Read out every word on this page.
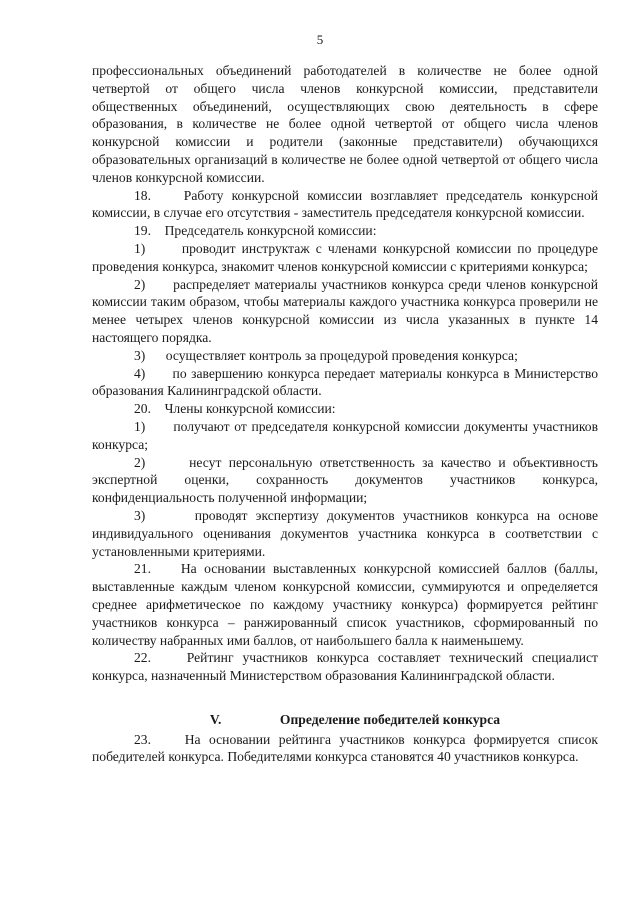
5

профессиональных объединений работодателей в количестве не более одной четвертой от общего числа членов конкурсной комиссии, представители общественных объединений, осуществляющих свою деятельность в сфере образования, в количестве не более одной четвертой от общего числа членов конкурсной комиссии и родители (законные представители) обучающихся образовательных организаций в количестве не более одной четвертой от общего числа членов конкурсной комиссии.

18.    Работу конкурсной комиссии возглавляет председатель конкурсной комиссии, в случае его отсутствия - заместитель председателя конкурсной комиссии.

19.    Председатель конкурсной комиссии:

1)	проводит инструктаж с членами конкурсной комиссии по процедуре проведения конкурса, знакомит членов конкурсной комиссии с критериями конкурса;

2) распределяет материалы участников конкурса среди членов конкурсной комиссии таким образом, чтобы материалы каждого участника конкурса проверили не менее четырех членов конкурсной комиссии из числа указанных в пункте 14 настоящего порядка.

3) осуществляет контроль за процедурой проведения конкурса;

4) по завершению конкурса передает материалы конкурса в Министерство образования Калининградской области.

20.    Члены конкурсной комиссии:

1) получают от председателя конкурсной комиссии документы участников конкурса;

2)	несут персональную ответственность за качество и объективность экспертной оценки, сохранность документов участников конкурса, конфиденциальность полученной информации;

3)	проводят экспертизу документов участников конкурса на основе индивидуального оценивания документов участника конкурса в соответствии с установленными критериями.

21.    На основании выставленных конкурсной комиссией баллов (баллы, выставленные каждым членом конкурсной комиссии, суммируются и определяется среднее арифметическое по каждому участнику конкурса) формируется рейтинг участников конкурса – ранжированный список участников, сформированный по количеству набранных ими баллов, от наибольшего балла к наименьшему.

22.    Рейтинг участников конкурса составляет технический специалист конкурса, назначенный Министерством образования Калининградской области.

V.	Определение победителей конкурса

23.    На основании рейтинга участников конкурса формируется список победителей конкурса. Победителями конкурса становятся 40 участников конкурса.
